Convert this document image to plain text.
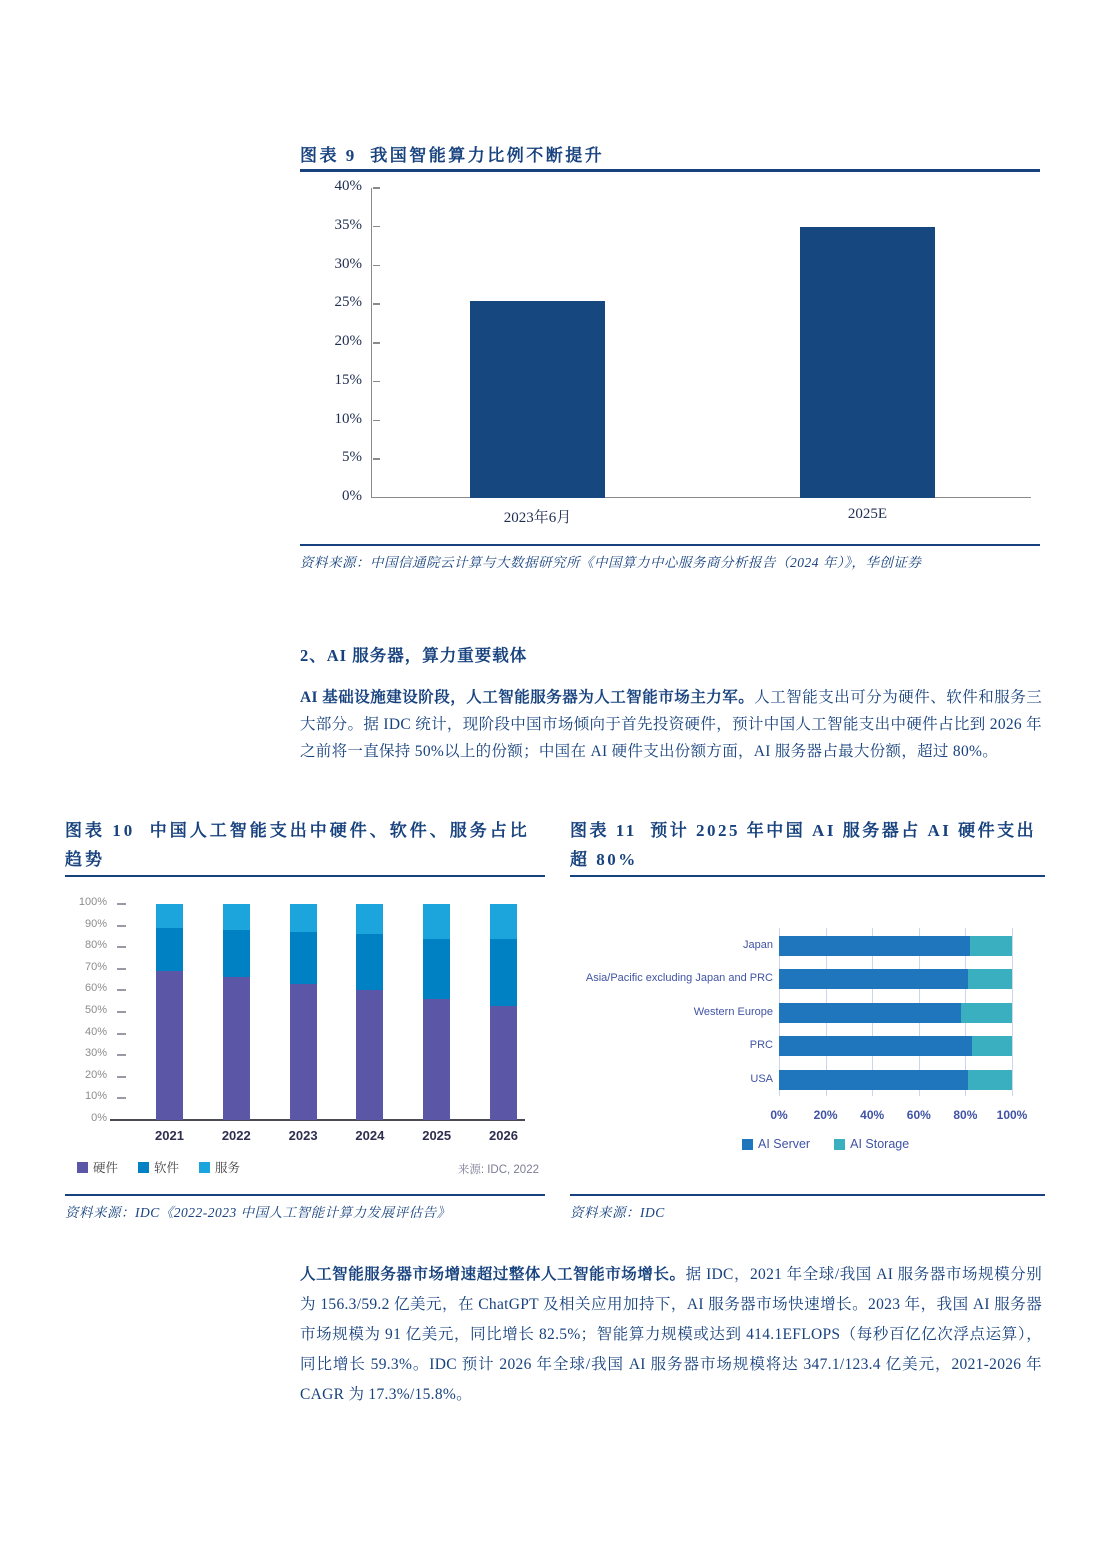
图表 9  我国智能算力比例不断提升
0%
5%
10%
15%
20%
25%
30%
35%
40%
2023年6月	2025E

资料来源：中国信通院云计算与大数据研究所《中国算力中心服务商分析报告（2024 年）》，华创证券

2、AI 服务器，算力重要载体

AI 基础设施建设阶段，人工智能服务器为人工智能市场主力军。人工智能支出可分为硬件、软件和服务三大部分。据 IDC 统计，现阶段中国市场倾向于首先投资硬件，预计中国人工智能支出中硬件占比到 2026 年之前将一直保持 50%以上的份额；中国在 AI 硬件支出份额方面，AI 服务器占最大份额，超过 80%。

图表 10  中国人工智能支出中硬件、软件、服务占比趋势
来源: IDC, 2022
0%
10%
20%
30%
40%
50%
60%
70%
80%
90%
100%
2021	2022	2023	2024	2025	2026
硬件	软件	服务

资料来源：IDC《2022-2023 中国人工智能计算力发展评估告》

图表 11  预计 2025 年中国 AI 服务器占 AI 硬件支出超 80%
0%	20%	40%	60%	80%	100%
Japan
Asia/Pacific excluding Japan and PRC
Western Europe
PRC
USA
AI Server	AI Storage

资料来源：IDC

人工智能服务器市场增速超过整体人工智能市场增长。据 IDC，2021 年全球/我国 AI 服务器市场规模分别为 156.3/59.2 亿美元，在 ChatGPT 及相关应用加持下，AI 服务器市场快速增长。2023 年，我国 AI 服务器市场规模为 91 亿美元，同比增长 82.5%；智能算力规模或达到 414.1EFLOPS（每秒百亿亿次浮点运算），同比增长 59.3%。IDC 预计 2026 年全球/我国 AI 服务器市场规模将达 347.1/123.4 亿美元，2021-2026 年 CAGR 为 17.3%/15.8%。
